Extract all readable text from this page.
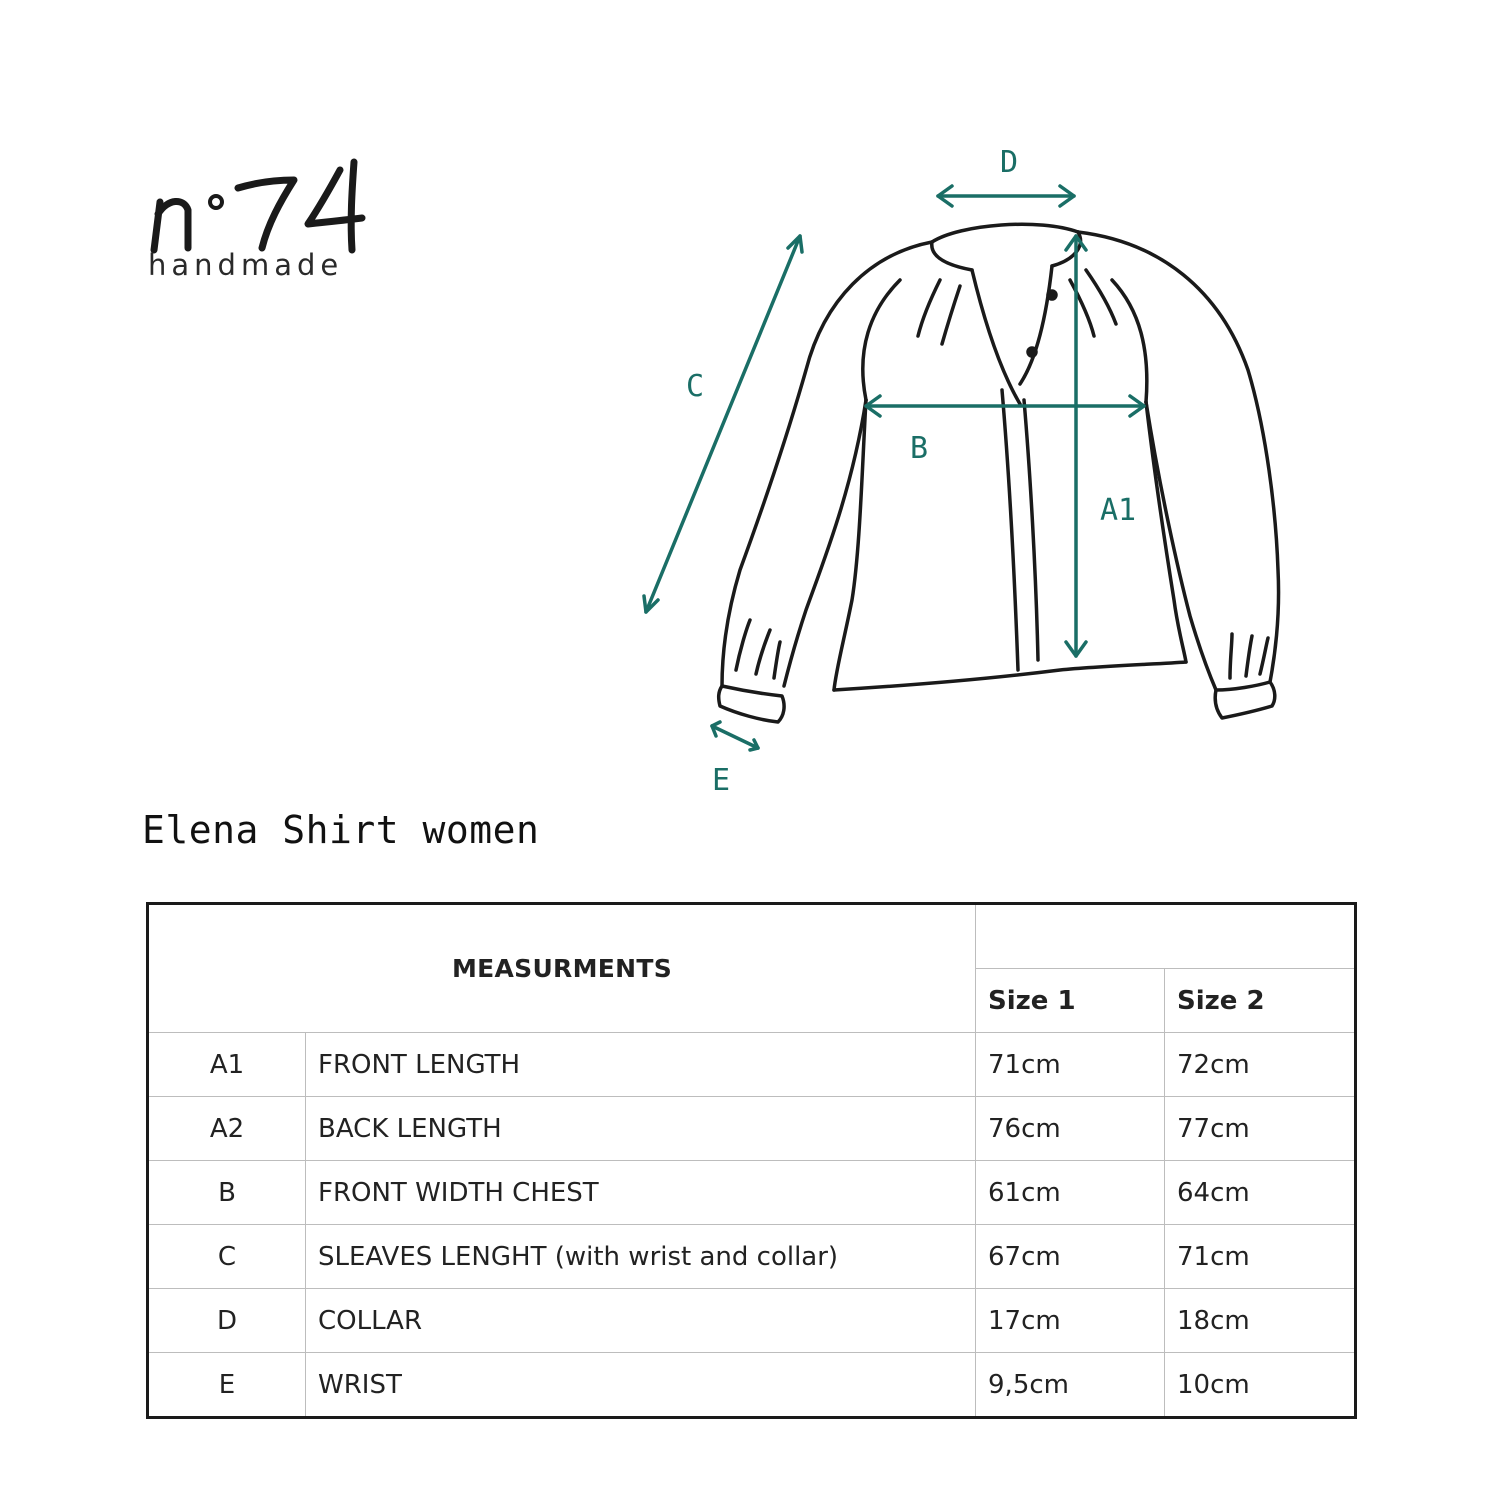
handmade
D
C
B
A1
E
Elena Shirt women
MEASURMENTS			
		Size 1	Size 2
A1	FRONT LENGTH	71cm	72cm
A2	BACK LENGTH	76cm	77cm
B	FRONT WIDTH CHEST	61cm	64cm
C	SLEAVES LENGHT (with wrist and collar)	67cm	71cm
D	COLLAR	17cm	18cm
E	WRIST	9,5cm	10cm
